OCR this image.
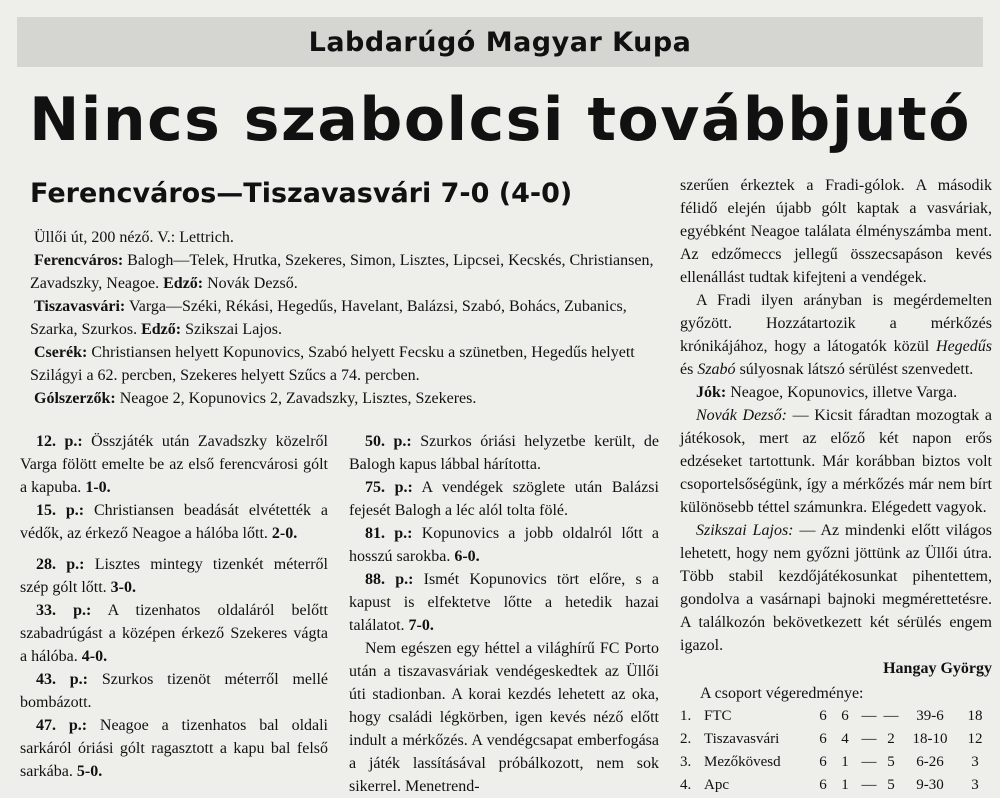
Labdarúgó Magyar Kupa
Nincs szabolcsi továbbjutó
Ferencváros—Tiszavasvári 7-0 (4-0)

Üllői út, 200 néző. V.: Lettrich.

Ferencváros: Balogh—Telek, Hrutka, Szekeres, Simon, Lisztes, Lipcsei, Kecskés, Christiansen, Zavadszky, Neagoe. Edző: Novák Dezső.

Tiszavasvári: Varga—Széki, Rékási, Hegedűs, Havelant, Balázsi, Szabó, Bohács, Zubanics, Szarka, Szurkos. Edző: Szikszai Lajos.

Cserék: Christiansen helyett Kopunovics, Szabó helyett Fecsku a szünetben, Hegedűs helyett Szilágyi a 62. percben, Szekeres helyett Szűcs a 74. percben.

Gólszerzők: Neagoe 2, Kopunovics 2, Zavadszky, Lisztes, Szekeres.

12. p.: Összjáték után Zavadszky közelről Varga fölött emelte be az első ferencvárosi gólt a kapuba. 1-0.

15. p.: Christiansen beadását elvétették a védők, az érkező Neagoe a hálóba lőtt. 2-0.

28. p.: Lisztes mintegy tizenkét méterről szép gólt lőtt. 3-0.

33. p.: A tizenhatos oldaláról belőtt szabadrúgást a középen érkező Szekeres vágta a hálóba. 4-0.

43. p.: Szurkos tizenöt méterről mellé bombázott.

47. p.: Neagoe a tizenhatos bal oldali sarkáról óriási gólt ragasztott a kapu bal felső sarkába. 5-0.

50. p.: Szurkos óriási helyzetbe került, de Balogh kapus lábbal hárította.

75. p.: A vendégek szöglete után Balázsi fejesét Balogh a léc alól tolta fölé.

81. p.: Kopunovics a jobb oldalról lőtt a hosszú sarokba. 6-0.

88. p.: Ismét Kopunovics tört előre, s a kapust is elfektetve lőtte a hetedik hazai találatot. 7-0.

Nem egészen egy héttel a világhírű FC Porto után a tiszavasváriak vendégeskedtek az Üllői úti stadionban. A korai kezdés lehetett az oka, hogy családi légkörben, igen kevés néző előtt indult a mérkőzés. A vendégcsapat emberfogása a játék lassításával próbálkozott, nem sok sikerrel. Menetrend-

szerűen érkeztek a Fradi-gólok. A második félidő elején újabb gólt kaptak a vasváriak, egyébként Neagoe találata élményszámba ment. Az edzőmeccs jellegű összecsapáson kevés ellenállást tudtak kifejteni a vendégek.

A Fradi ilyen arányban is megérdemelten győzött. Hozzátartozik a mérkőzés krónikájához, hogy a látogatók közül Hegedűs és Szabó súlyosnak látszó sérülést szenvedett.

Jók: Neagoe, Kopunovics, illetve Varga.

Novák Dezső: — Kicsit fáradtan mozogtak a játékosok, mert az előző két napon erős edzéseket tartottunk. Már korábban biztos volt csoportelsőségünk, így a mérkőzés már nem bírt különösebb téttel számunkra. Elégedett vagyok.

Szikszai Lajos: — Az mindenki előtt világos lehetett, hogy nem győzni jöttünk az Üllői útra. Több stabil kezdőjátékosunkat pihentettem, gondolva a vasárnapi bajnoki megmérettetésre. A találkozón bekövetkezett két sérülés engem igazol.

Hangay György

A csoport végeredménye:

1.	FTC	6	6	—	—	39-6	18
2.	Tiszavasvári	6	4	—	2	18-10	12
3.	Mezőkövesd	6	1	—	5	6-26	3
4.	Apc	6	1	—	5	9-30	3
